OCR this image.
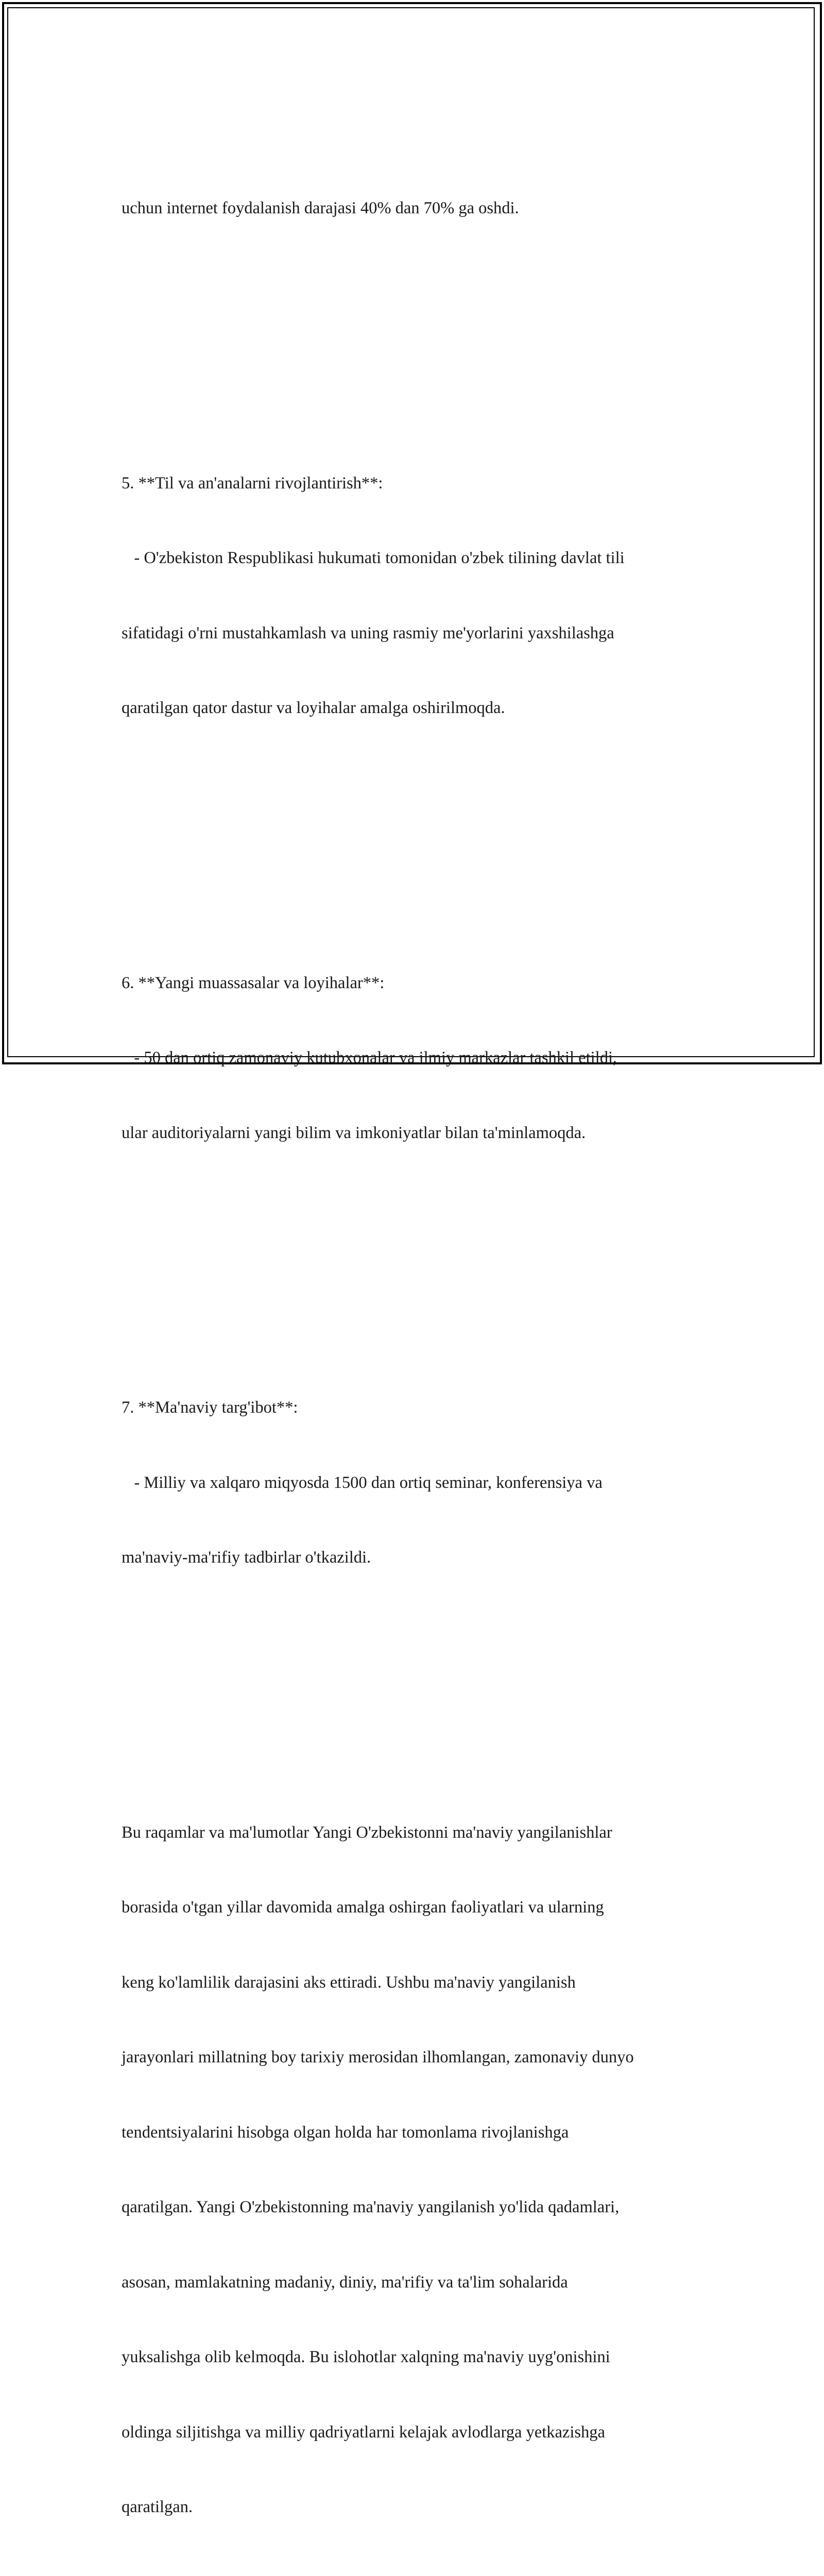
uchun internet foydalanish darajasi 40% dan 70% ga oshdi.

5. **Til va an'analarni rivojlantirish**:

- O'zbekiston Respublikasi hukumati tomonidan o'zbek tilining davlat tili

sifatidagi o'rni mustahkamlash va uning rasmiy me'yorlarini yaxshilashga

qaratilgan qator dastur va loyihalar amalga oshirilmoqda.

6. **Yangi muassasalar va loyihalar**:

- 50 dan ortiq zamonaviy kutubxonalar va ilmiy markazlar tashkil etildi,

ular auditoriyalarni yangi bilim va imkoniyatlar bilan ta'minlamoqda.

7. **Ma'naviy targ'ibot**:

- Milliy va xalqaro miqyosda 1500 dan ortiq seminar, konferensiya va

ma'naviy-ma'rifiy tadbirlar o'tkazildi.

Bu raqamlar va ma'lumotlar Yangi O'zbekistonni ma'naviy yangilanishlar

borasida o'tgan yillar davomida amalga oshirgan faoliyatlari va ularning

keng ko'lamlilik darajasini aks ettiradi. Ushbu ma'naviy yangilanish

jarayonlari millatning boy tarixiy merosidan ilhomlangan, zamonaviy dunyo

tendentsiyalarini hisobga olgan holda har tomonlama rivojlanishga

qaratilgan. Yangi O'zbekistonning ma'naviy yangilanish yo'lida qadamlari,

asosan, mamlakatning madaniy, diniy, ma'rifiy va ta'lim sohalarida

yuksalishga olib kelmoqda. Bu islohotlar xalqning ma'naviy uyg'onishini

oldinga siljitishga va milliy qadriyatlarni kelajak avlodlarga yetkazishga

qaratilgan.
